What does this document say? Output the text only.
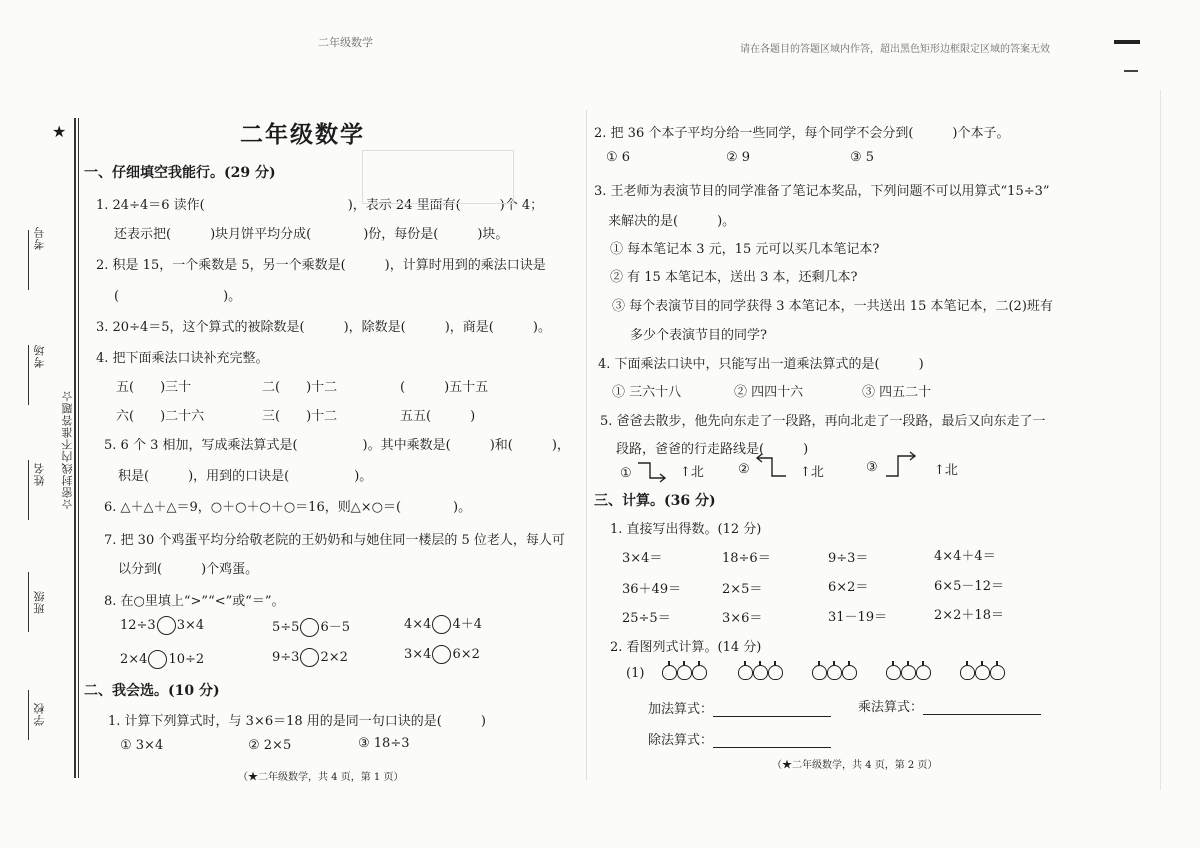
二年级数学
请在各题目的答题区域内作答，超出黑色矩形边框限定区域的答案无效
★
☆密封线内不准答题☆
考号
考场
姓名
班级
学校
二年级数学
一、仔细填空我能行。(29 分)
1. 24÷4＝6 读作(　　　　　　　　　　　)，表示 24 里面有(　　　)个 4；
还表示把(　　　)块月饼平均分成(　　　　)份，每份是(　　　)块。
2. 积是 15，一个乘数是 5，另一个乘数是(　　　)，计算时用到的乘法口诀是
(　　　　　　　　)。
3. 20÷4＝5，这个算式的被除数是(　　　)，除数是(　　　)，商是(　　　)。
4. 把下面乘法口诀补充完整。
五(　　)三十	二(　　)十二	(　　　)五十五
六(　　)二十六	三(　　)十二	五五(　　　)
5. 6 个 3 相加，写成乘法算式是(　　　　　)。其中乘数是(　　　)和(　　　)，
积是(　　　)，用到的口诀是(　　　　　)。
6. △＋△＋△＝9，○＋○＋○＋○＝16，则△×○＝(　　　　)。
7. 把 30 个鸡蛋平均分给敬老院的王奶奶和与她住同一楼层的 5 位老人，每人可
以分到(　　　)个鸡蛋。
8. 在○里填上“>”“<”或“＝”。
12÷3 3×4	5÷5 6－5	4×4 4＋4
2×4 10÷2	9÷3 2×2	3×4 6×2
二、我会选。(10 分)
1. 计算下列算式时，与 3×6＝18 用的是同一句口诀的是(　　　)
① 3×4	② 2×5	③ 18÷3
（★二年级数学，共 4 页，第 1 页）
2. 把 36 个本子平均分给一些同学，每个同学不会分到(　　　)个本子。
① 6	② 9	③ 5
3. 王老师为表演节目的同学准备了笔记本奖品，下列问题不可以用算式“15÷3”
来解决的是(　　　)。
① 每本笔记本 3 元，15 元可以买几本笔记本?
② 有 15 本笔记本，送出 3 本，还剩几本?
③ 每个表演节目的同学获得 3 本笔记本，一共送出 15 本笔记本，二(2)班有
多少个表演节目的同学?
4. 下面乘法口诀中，只能写出一道乘法算式的是(　　　)
① 三六十八	② 四四十六	③ 四五二十
5. 爸爸去散步，他先向东走了一段路，再向北走了一段路，最后又向东走了一
段路，爸爸的行走路线是(　　　)
①	↑北	②	↑北	③	↑北
三、计算。(36 分)
1. 直接写出得数。(12 分)
3×4＝	18÷6＝	9÷3＝	4×4＋4＝
36＋49＝	2×5＝	6×2＝	6×5－12＝
25÷5＝	3×6＝	31－19＝	2×2＋18＝
2. 看图列式计算。(14 分)
(1)
加法算式：	乘法算式：
除法算式：
（★二年级数学，共 4 页，第 2 页）
